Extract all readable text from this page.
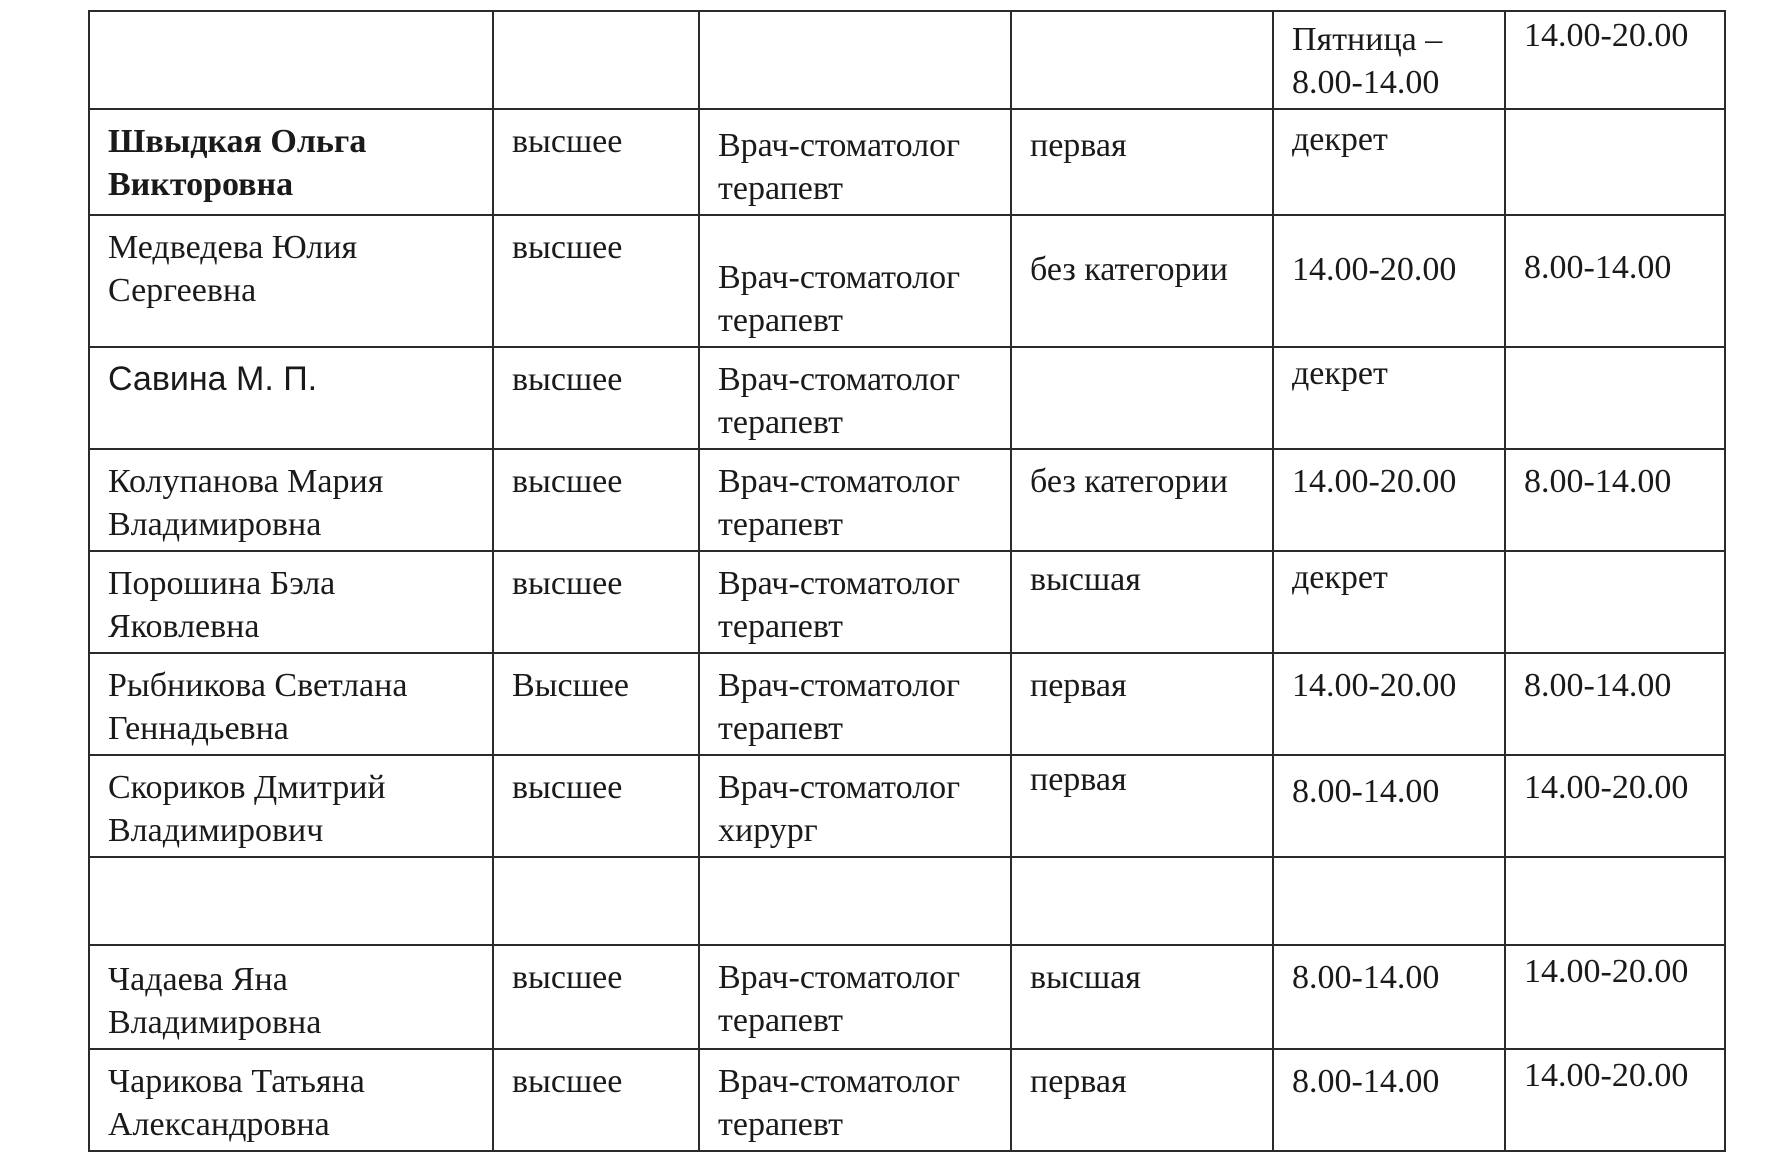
				Пятница – 8.00-14.00	14.00-20.00
Швыдкая Ольга Викторовна	высшее	Врач-стоматолог терапевт	первая	декрет	
Медведева Юлия Сергеевна	высшее	Врач-стоматолог терапевт	без категории	14.00-20.00	8.00-14.00
Савина М. П.	высшее	Врач-стоматолог терапевт		декрет	
Колупанова Мария Владимировна	высшее	Врач-стоматолог терапевт	без категории	14.00-20.00	8.00-14.00
Порошина Бэла Яковлевна	высшее	Врач-стоматолог терапевт	высшая	декрет	
Рыбникова Светлана Геннадьевна	Высшее	Врач-стоматолог терапевт	первая	14.00-20.00	8.00-14.00
Скориков Дмитрий Владимирович	высшее	Врач-стоматолог хирург	первая	8.00-14.00	14.00-20.00

Чадаева Яна Владимировна	высшее	Врач-стоматолог терапевт	высшая	8.00-14.00	14.00-20.00
Чарикова Татьяна Александровна	высшее	Врач-стоматолог терапевт	первая	8.00-14.00	14.00-20.00
